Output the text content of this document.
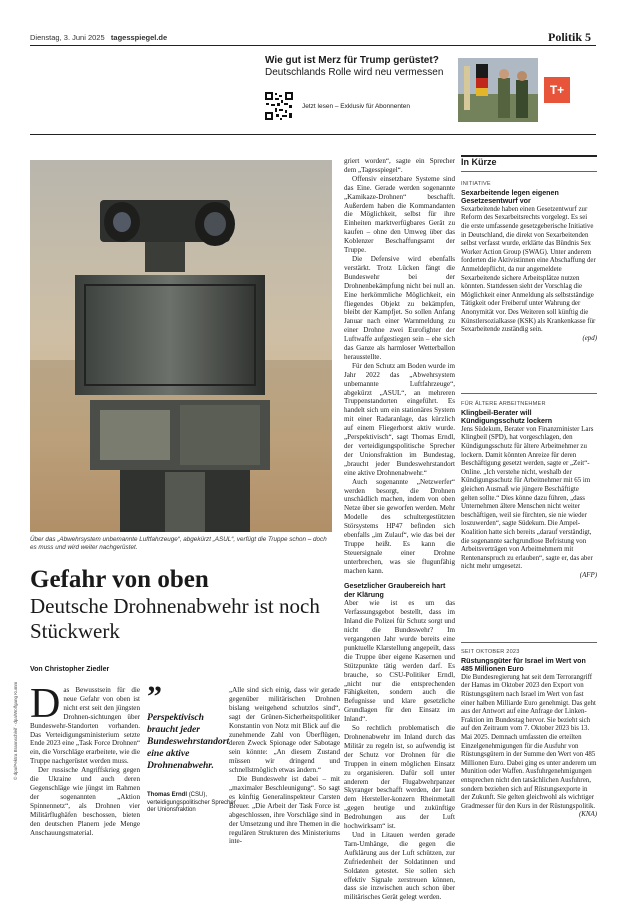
Dienstag, 3. Juni 2025 tagesspiegel.de	Politik 5
Wie gut ist Merz für Trump gerüstet?
Deutschlands Rolle wird neu vermessen
Jetzt lesen – Exklusiv für Abonnenten
T+
Über das „Abwehrsystem unbemannte Luftfahrzeuge“, abgekürzt „ASUL“, verfügt die Truppe schon – doch es muss und wird weiter nachgerüstet.
Gefahr von oben
Deutsche Drohnenabwehr ist noch Stückwerk
Von Christopher Ziedler

Das Bewusstsein für die neue Gefahr von oben ist nicht erst seit den jüngsten Drohnen-sichtungen über Bundeswehr-Standorten vorhanden. Das Verteidigungsministerium setzte Ende 2023 eine „Task Force Drohnen“ ein, die Vorschläge erarbeitete, wie die Truppe nachgerüstet werden muss.

Der russische Angriffskrieg gegen die Ukraine und auch deren Gegenschläge wie jüngst im Rahmen der sogenannten „Aktion Spinnennetz“, als Drohnen vier Militärflughäfen beschossen, bieten den deutschen Planern jede Menge Anschauungsmaterial.

”
Perspektivisch braucht jeder Bundeswehrstandort eine aktive Drohnenabwehr.
Thomas Erndl (CSU),
verteidigungspolitischer Sprecher der Unionsfraktion

„Alle sind sich einig, dass wir gerade gegenüber militärischen Drohnen bislang weitgehend schutzlos sind“, sagt der Grünen-Sicherheitspolitiker Konstantin von Notz mit Blick auf die zunehmende Zahl von Überflügen, deren Zweck Spionage oder Sabotage sein könnte: „An diesem Zustand müssen wir dringend und schnellstmöglich etwas ändern.“

Die Bundeswehr ist dabei – mit „maximaler Beschleunigung“. So sagt es künftig Generalinspekteur Carsten Breuer. „Die Arbeit der Task Force ist abgeschlossen, ihre Vorschläge sind in der Umsetzung und ihre Themen in die regulären Strukturen des Ministeriums inte-

griert worden“, sagte ein Sprecher dem „Tagesspiegel“.

Offensiv einsetzbare Systeme sind das Eine. Gerade werden sogenannte „Kamikaze-Drohnen“ beschafft. Außerdem haben die Kommandanten die Möglichkeit, selbst für ihre Einheiten marktverfügbares Gerät zu kaufen – ohne den Umweg über das Koblenzer Beschaffungsamt der Truppe.

Die Defensive wird ebenfalls verstärkt. Trotz Lücken fängt die Bundeswehr bei der Drohnenbekämpfung nicht bei null an. Eine herkömmliche Möglichkeit, ein fliegendes Objekt zu bekämpfen, bleibt der Kampfjet. So sollen Anfang Januar nach einer Warnmeldung zu einer Drohne zwei Eurofighter der Luftwaffe aufgestiegen sein – ehe sich das Ganze als harmloser Wetterballon herausstellte.

Für den Schutz am Boden wurde im Jahr 2022 das „Abwehrsystem unbemannte Luftfahrzeuge“, abgekürzt „ASUL“, an mehreren Truppenstandorten eingeführt. Es handelt sich um ein stationäres System mit einer Radaranlage, das kürzlich auf einem Fliegerhorst aktiv wurde. „Perspektivisch“, sagt Thomas Erndl, der verteidigungspolitische Sprecher der Unionsfraktion im Bundestag, „braucht jeder Bundeswehrstandort eine aktive Drohnenabwehr.“

Auch sogenannte „Netzwerfer“ werden besorgt, die Drohnen unschädlich machen, indem von oben Netze über sie geworfen werden. Mehr Modelle des schultergestützten Störsystems HP47 befinden sich ebenfalls „im Zulauf“, wie das bei der Truppe heißt. Es kann die Steuersignale einer Drohne unterbrechen, was sie flugunfähig machen kann.

Gesetzlicher Graubereich hart der Klärung

Aber wie ist es um das Verfassungsgebot bestellt, dass im Inland die Polizei für Schutz sorgt und nicht die Bundeswehr? Im vergangenen Jahr wurde bereits eine punktuelle Klarstellung angepeilt, dass die Truppe über eigene Kasernen und Stützpunkte tätig werden darf. Es brauche, so CSU-Politiker Erndl, „nicht nur die entsprechenden Fähigkeiten, sondern auch die Befugnisse und klare gesetzliche Grundlagen für den Einsatz im Inland“.

So rechtlich problematisch die Drohnenabwehr im Inland durch das Militär zu regeln ist, so aufwendig ist der Schutz vor Drohnen für die Truppen in einem möglichen Einsatz zu organisieren. Dafür soll unter anderem der Flugabwehrpanzer Skyranger beschafft werden, der laut dem Hersteller-konzern Rheinmetall „gegen heutige und zukünftige Bedrohungen aus der Luft hochwirksam“ ist.

Und in Litauen werden gerade Tarn-Umhänge, die gegen die Aufklärung aus der Luft schützen, zur Zufriedenheit der Soldatinnen und Soldaten getestet. Sie sollen sich effektiv Signale zerstreuen können, dass sie inzwischen auch schon über militärisches Gerät gelegt werden.

In Kürze
INITIATIVE
Sexarbeitende legen eigenen Gesetzesentwurf vor
Sexarbeitende haben einen Gesetzentwurf zur Reform des Sexarbeitsrechts vorgelegt. Es sei die erste umfassende gesetzgeberische Initiative in Deutschland, die direkt von Sexarbeitenden selbst verfasst wurde, erklärte das Bündnis Sex Worker Action Group (SWAG). Unter anderem forderten die Aktivistinnen eine Abschaffung der Anmeldepflicht, da nur angemeldete Sexarbeitende sichere Arbeitsplätze nutzen könnten. Stattdessen sieht der Vorschlag die Möglichkeit einer Anmeldung als selbstständige Tätigkeit oder Freiberuf unter Wahrung der Anonymität vor. Des Weiteren soll künftig die Künstlersozialkasse (KSK) als Krankenkasse für Sexarbeitende zuständig sein.
(epd)
FÜR ÄLTERE ARBEITNEHMER
Klingbeil-Berater will Kündigungsschutz lockern
Jens Südekum, Berater von Finanzminister Lars Klingbeil (SPD), hat vorgeschlagen, den Kündigungsschutz für ältere Arbeitnehmer zu lockern. Damit könnten Anreize für deren Beschäftigung gesetzt werden, sagte er „Zeit“-Online. „Ich verstehe nicht, weshalb der Kündigungsschutz für Arbeitnehmer mit 65 im gleichen Ausmaß wie jüngere Beschäftigte gelten sollte.“ Dies könne dazu führen, „dass Unternehmen ältere Menschen nicht weiter beschäftigen, weil sie fürchten, sie nie wieder loszuwerden“, sagte Südekum. Die Ampel-Koalition hatte sich bereits „darauf verständigt, die sogenannte sachgrundlose Befristung von Arbeitsverträgen von Arbeitnehmern mit Rentenanspruch zu erlauben“, sagte er, das aber nicht mehr umgesetzt.
(AFP)
SEIT OKTOBER 2023
Rüstungsgüter für Israel im Wert von 485 Millionen Euro
Die Bundesregierung hat seit dem Terrorangriff der Hamas im Oktober 2023 den Export von Rüstungsgütern nach Israel im Wert von fast einer halben Milliarde Euro genehmigt. Das geht aus der Antwort auf eine Anfrage der Linken-Fraktion im Bundestag hervor. Sie bezieht sich auf den Zeitraum vom 7. Oktober 2023 bis 13. Mai 2025. Demnach umfassten die erteilten Einzelgenehmigungen für die Ausfuhr von Rüstungsgütern in der Summe den Wert von 485 Millionen Euro. Dabei ging es unter anderem um Munition oder Waffen. Ausfuhrgenehmigungen entsprechen nicht den tatsächlichen Ausfuhren, sondern beziehen sich auf Rüstungsexporte in der Zukunft. Sie gelten gleichwohl als wichtiger Gradmesser für den Kurs in der Rüstungspolitik.
(KNA)
© dpa/Pektra Brannschleif · dpa/Wolfgang Kumm
